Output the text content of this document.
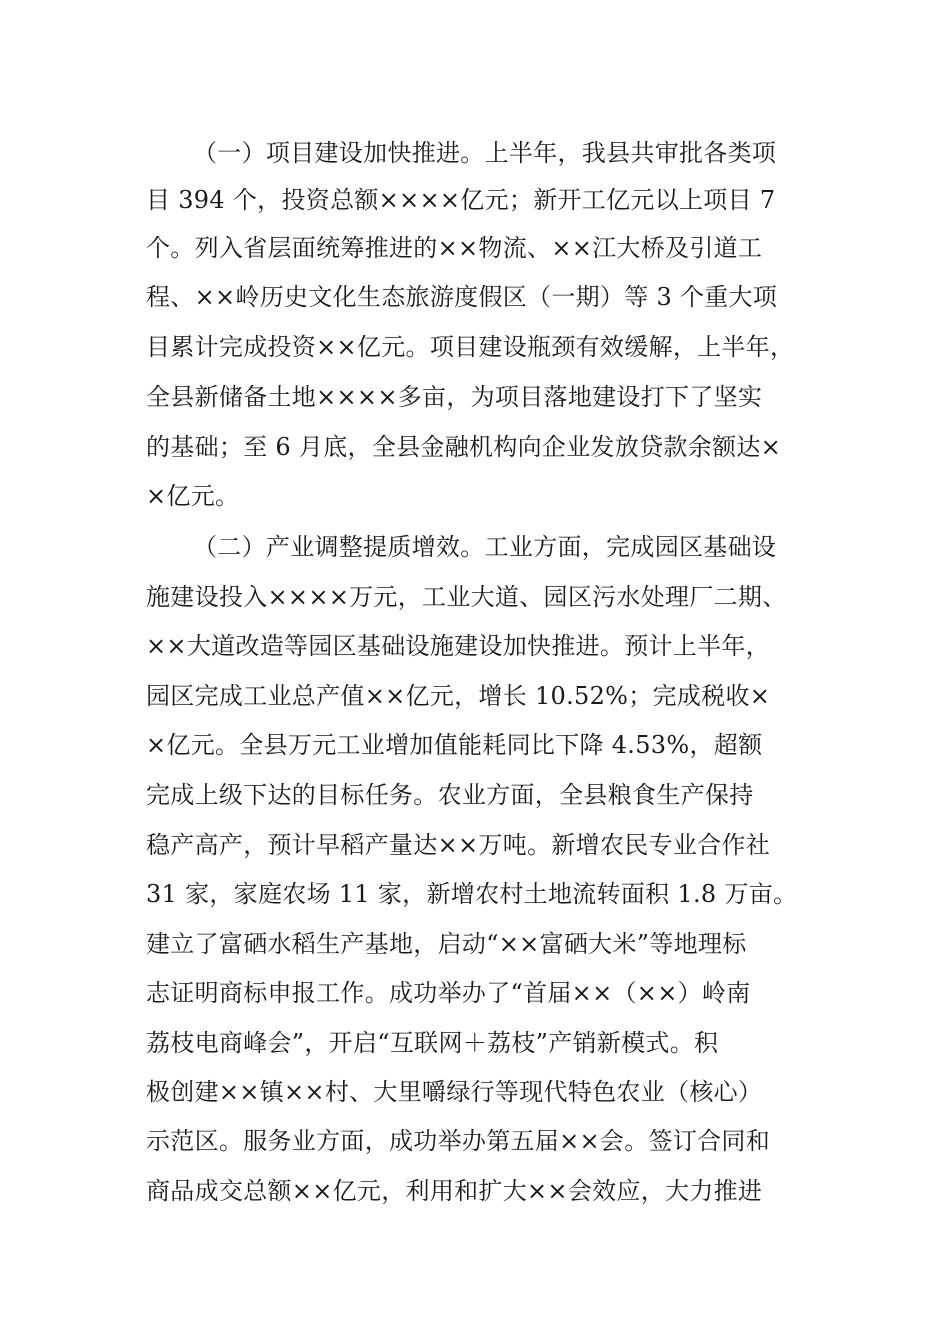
（一）项目建设加快推进。上半年，我县共审批各类项
目 394 个，投资总额××××亿元；新开工亿元以上项目 7
个。列入省层面统筹推进的××物流、××江大桥及引道工
程、××岭历史文化生态旅游度假区（一期）等 3 个重大项
目累计完成投资××亿元。项目建设瓶颈有效缓解，上半年，
全县新储备土地××××多亩，为项目落地建设打下了坚实
的基础；至 6 月底，全县金融机构向企业发放贷款余额达×
×亿元。
（二）产业调整提质增效。工业方面，完成园区基础设
施建设投入××××万元，工业大道、园区污水处理厂二期、
××大道改造等园区基础设施建设加快推进。预计上半年，
园区完成工业总产值××亿元，增长 10.52%；完成税收×
×亿元。全县万元工业增加值能耗同比下降 4.53%，超额
完成上级下达的目标任务。农业方面，全县粮食生产保持
稳产高产，预计早稻产量达××万吨。新增农民专业合作社
31 家，家庭农场 11 家，新增农村土地流转面积 1.8 万亩。
建立了富硒水稻生产基地，启动“××富硒大米”等地理标
志证明商标申报工作。成功举办了“首届××（××）岭南
荔枝电商峰会”，开启“互联网＋荔枝”产销新模式。积
极创建××镇××村、大里嚼绿行等现代特色农业（核心）
示范区。服务业方面，成功举办第五届××会。签订合同和
商品成交总额××亿元，利用和扩大××会效应，大力推进
